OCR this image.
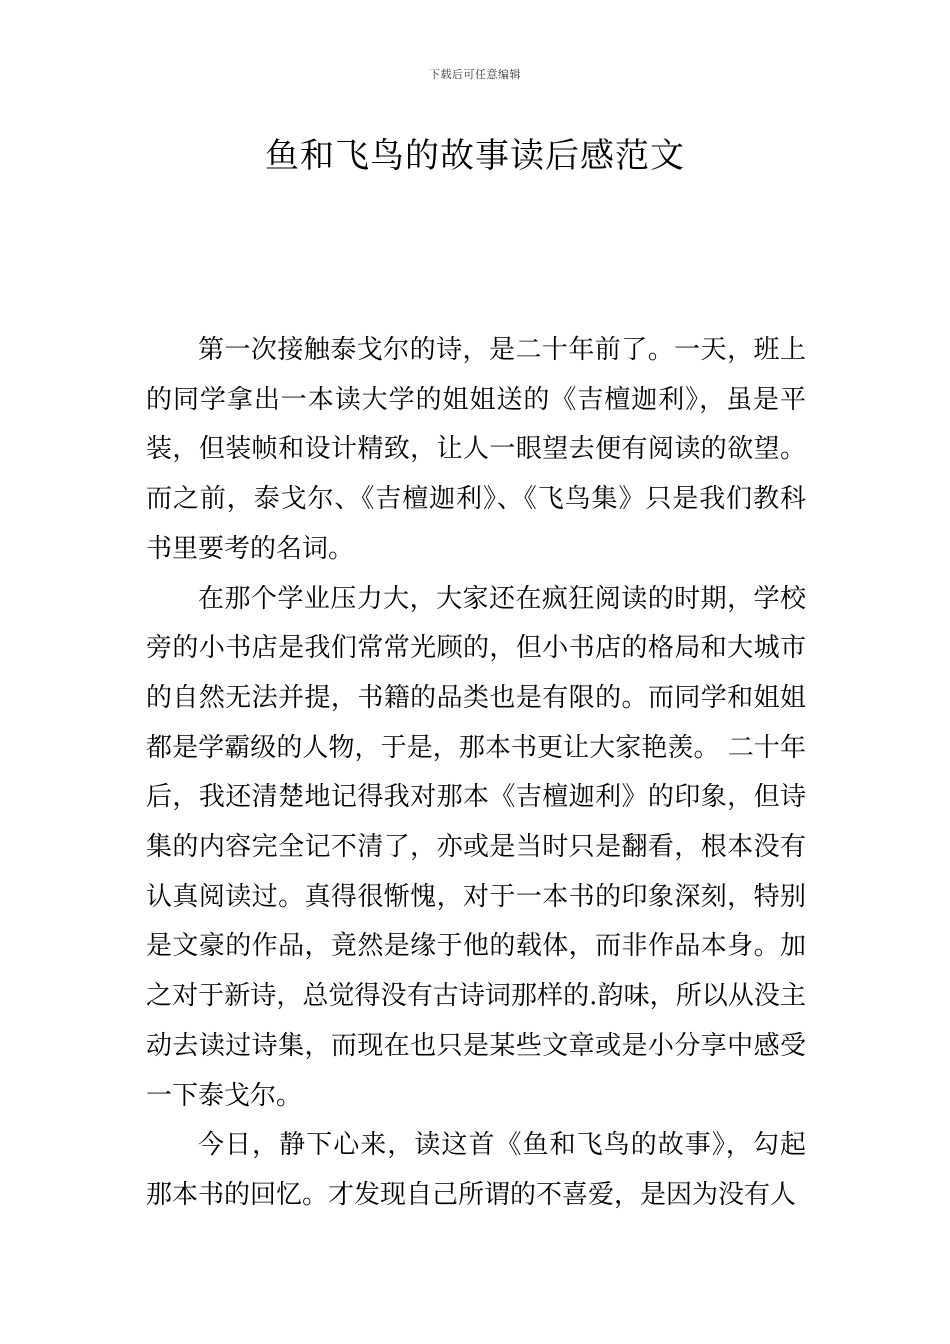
下载后可任意编辑
鱼和飞鸟的故事读后感范文

第一次接触泰戈尔的诗，是二十年前了。一天，班上的同学拿出一本读大学的姐姐送的《吉檀迦利》，虽是平装，但装帧和设计精致，让人一眼望去便有阅读的欲望。而之前，泰戈尔、《吉檀迦利》、《飞鸟集》只是我们教科书里要考的名词。

在那个学业压力大，大家还在疯狂阅读的时期，学校旁的小书店是我们常常光顾的，但小书店的格局和大城市的自然无法并提，书籍的品类也是有限的。而同学和姐姐都是学霸级的人物，于是，那本书更让大家艳羡。 二十年后，我还清楚地记得我对那本《吉檀迦利》的印象，但诗集的内容完全记不清了，亦或是当时只是翻看，根本没有认真阅读过。真得很惭愧，对于一本书的印象深刻，特别是文豪的作品，竟然是缘于他的载体，而非作品本身。加之对于新诗，总觉得没有古诗词那样的.韵味，所以从没主动去读过诗集，而现在也只是某些文章或是小分享中感受一下泰戈尔。

今日，静下心来，读这首《鱼和飞鸟的故事》，勾起那本书的回忆。才发现自己所谓的不喜爱，是因为没有人
